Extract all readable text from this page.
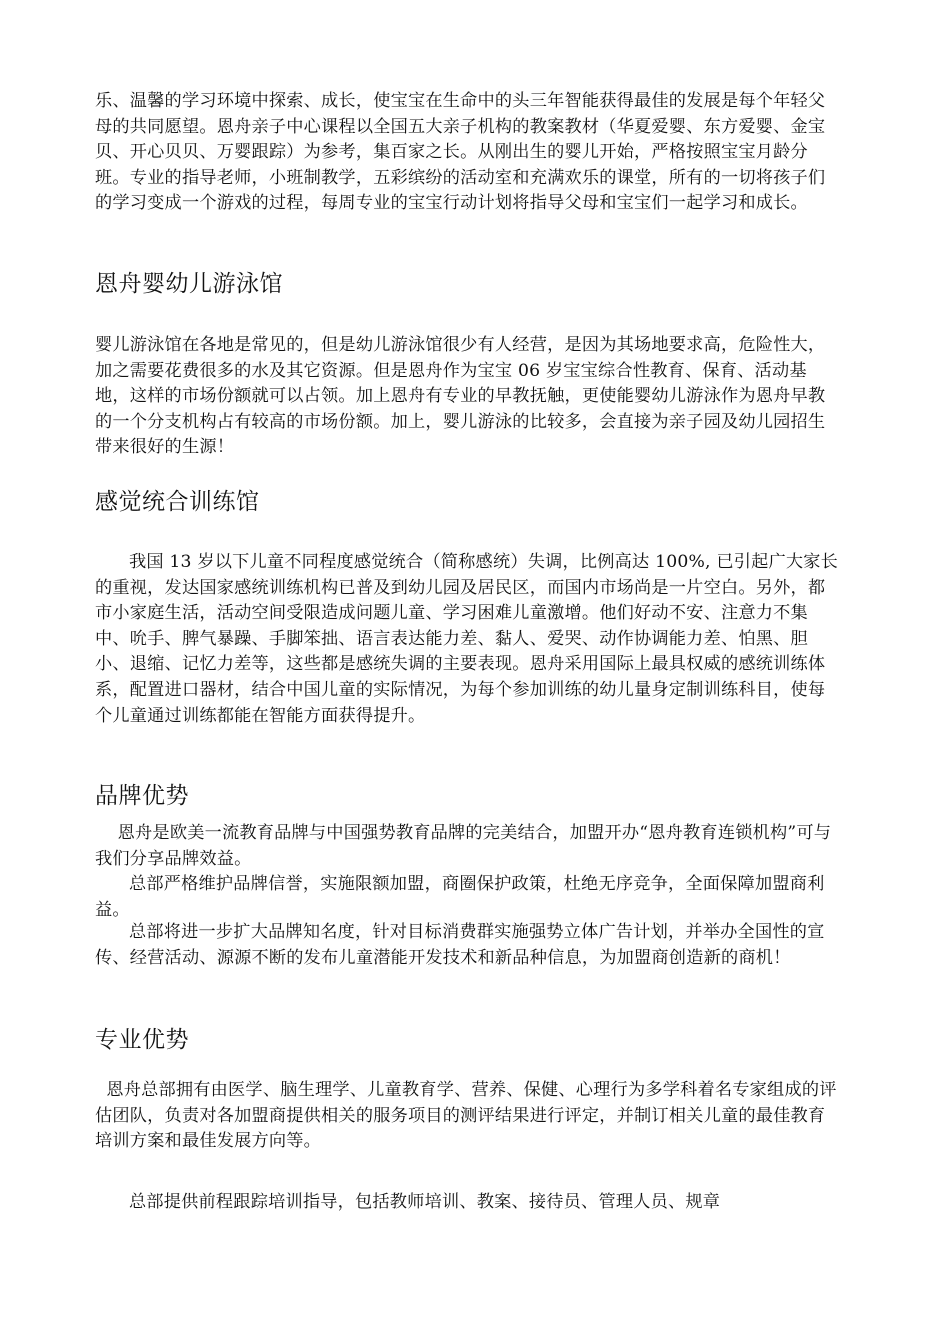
乐、温馨的学习环境中探索、成长，使宝宝在生命中的头三年智能获得最佳的发展是每个年轻父母的共同愿望。恩舟亲子中心课程以全国五大亲子机构的教案教材（华夏爱婴、东方爱婴、金宝贝、开心贝贝、万婴跟踪）为参考，集百家之长。从刚出生的婴儿开始，严格按照宝宝月龄分班。专业的指导老师，小班制教学，五彩缤纷的活动室和充满欢乐的课堂，所有的一切将孩子们的学习变成一个游戏的过程，每周专业的宝宝行动计划将指导父母和宝宝们一起学习和成长。

恩舟婴幼儿游泳馆

婴儿游泳馆在各地是常见的，但是幼儿游泳馆很少有人经营，是因为其场地要求高，危险性大，加之需要花费很多的水及其它资源。但是恩舟作为宝宝 06 岁宝宝综合性教育、保育、活动基地，这样的市场份额就可以占领。加上恩舟有专业的早教抚触，更使能婴幼儿游泳作为恩舟早教的一个分支机构占有较高的市场份额。加上，婴儿游泳的比较多，会直接为亲子园及幼儿园招生带来很好的生源！

感觉统合训练馆

我国 13 岁以下儿童不同程度感觉统合（简称感统）失调，比例高达 100%, 已引起广大家长的重视，发达国家感统训练机构已普及到幼儿园及居民区，而国内市场尚是一片空白。另外，都市小家庭生活，活动空间受限造成问题儿童、学习困难儿童激增。他们好动不安、注意力不集中、吮手、脾气暴躁、手脚笨拙、语言表达能力差、黏人、爱哭、动作协调能力差、怕黑、胆小、退缩、记忆力差等，这些都是感统失调的主要表现。恩舟采用国际上最具权威的感统训练体系，配置进口器材，结合中国儿童的实际情况，为每个参加训练的幼儿量身定制训练科目，使每个儿童通过训练都能在智能方面获得提升。

品牌优势

恩舟是欧美一流教育品牌与中国强势教育品牌的完美结合，加盟开办“恩舟教育连锁机构”可与我们分享品牌效益。

总部严格维护品牌信誉，实施限额加盟，商圈保护政策，杜绝无序竞争，全面保障加盟商利益。

总部将进一步扩大品牌知名度，针对目标消费群实施强势立体广告计划，并举办全国性的宣传、经营活动、源源不断的发布儿童潜能开发技术和新品种信息，为加盟商创造新的商机！

专业优势

恩舟总部拥有由医学、脑生理学、儿童教育学、营养、保健、心理行为多学科着名专家组成的评估团队，负责对各加盟商提供相关的服务项目的测评结果进行评定，并制订相关儿童的最佳教育培训方案和最佳发展方向等。

总部提供前程跟踪培训指导，包括教师培训、教案、接待员、管理人员、规章
